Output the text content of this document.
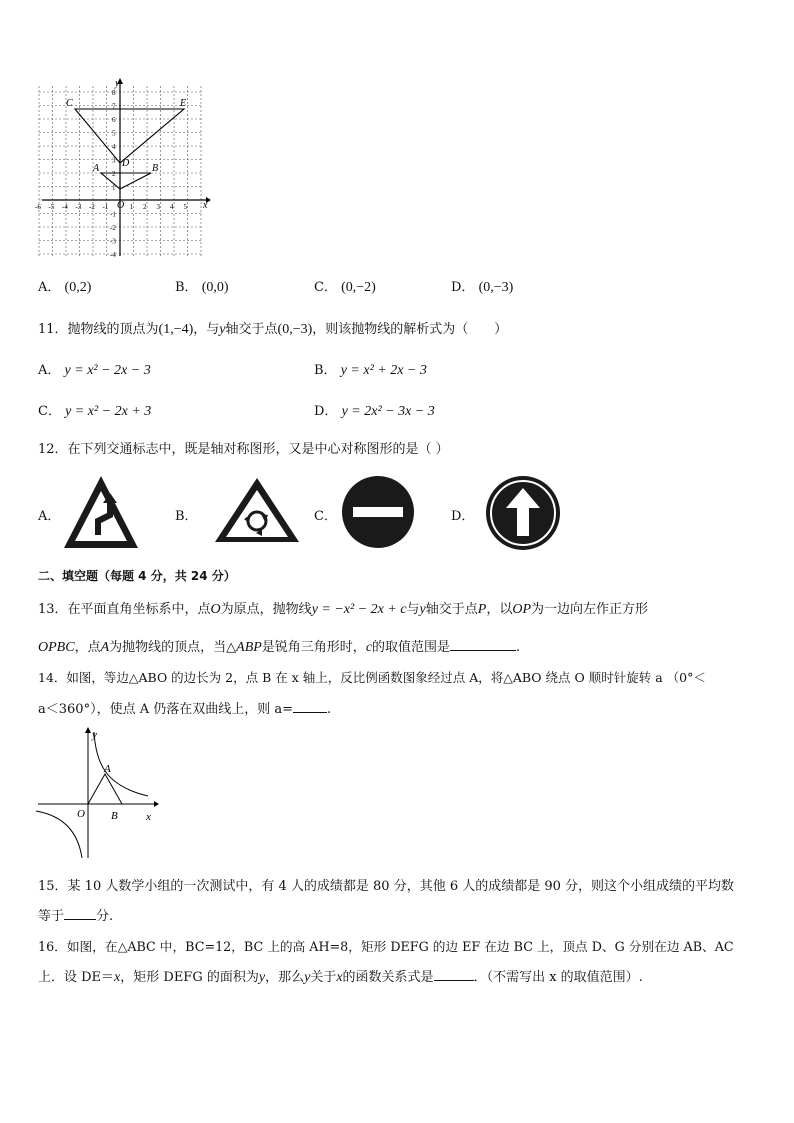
x
y
O
C	E
A	B
D
-6 -5 -4 -3 -2 -1	1 2 3 4 5
8
7
6
5
4
3
2
1
-1
-2
-3
-4
A． (0,2)	B． (0,0)	C． (0,−2)	D． (0,−3)
11．抛物线的顶点为(1,−4)，与y轴交于点(0,−3)，则该抛物线的解析式为（　　）
A． y = x² − 2x − 3	B． y = x² + 2x − 3
C． y = x² − 2x + 3	D． y = 2x² − 3x − 3
12．在下列交通标志中，既是轴对称图形，又是中心对称图形的是（ ）
A．	B．	C．	D．
二、填空题（每题 4 分，共 24 分）
13．在平面直角坐标系中，点O为原点，抛物线y = −x² − 2x + c与y轴交于点P，以OP为一边向左作正方形
OPBC，点A为抛物线的顶点，当△ABP是锐角三角形时，c的取值范围是	.
14．如图，等边△ABO 的边长为 2，点 B 在 x 轴上，反比例函数图象经过点 A，将△ABO 绕点 O 顺时针旋转 a （0°＜
a＜360°），使点 A 仍落在双曲线上，则 a=	.
y
x
A
O B
15．某 10 人数学小组的一次测试中，有 4 人的成绩都是 80 分，其他 6 人的成绩都是 90 分，则这个小组成绩的平均数
等于 分.
16．如图，在△ABC 中，BC=12，BC 上的高 AH=8，矩形 DEFG 的边 EF 在边 BC 上，顶点 D、G 分别在边 AB、AC
上．设 DE＝x，矩形 DEFG 的面积为y，那么y关于x的函数关系式是	．（不需写出 x 的取值范围）.
